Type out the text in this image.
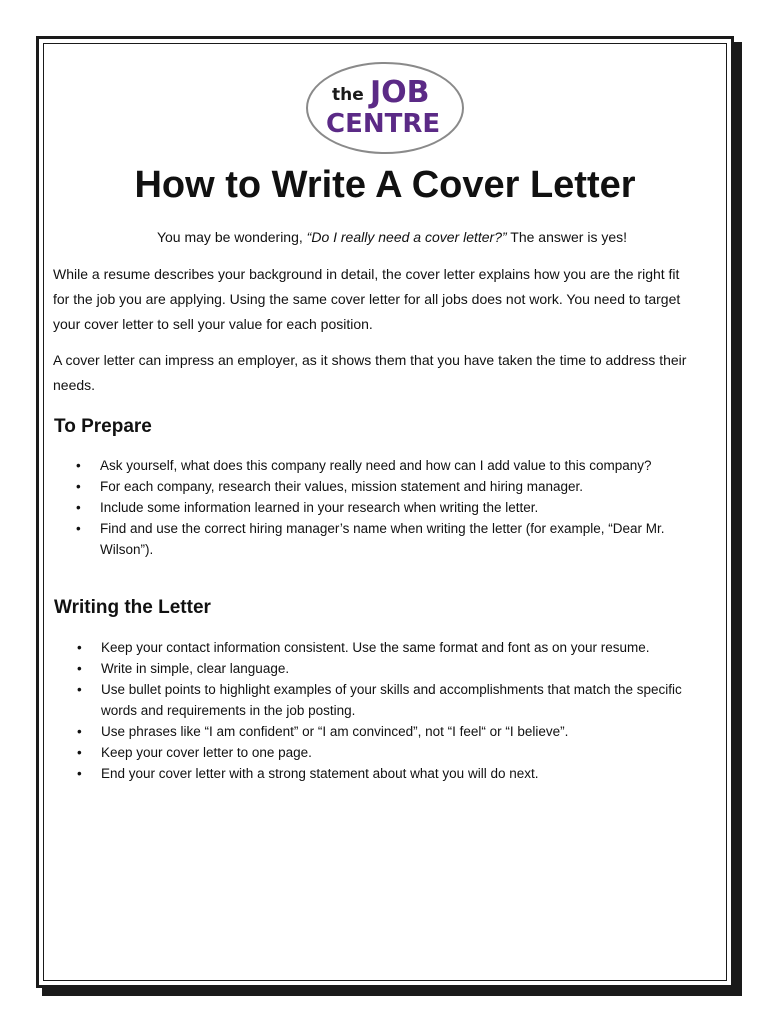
the JOB
CENTRE
How to Write A Cover Letter

You may be wondering, “Do I really need a cover letter?” The answer is yes!

While a resume describes your background in detail, the cover letter explains how you are the right fit for the job you are applying. Using the same cover letter for all jobs does not work. You need to target your cover letter to sell your value for each position.

A cover letter can impress an employer, as it shows them that you have taken the time to address their needs.

To Prepare
• Ask yourself, what does this company really need and how can I add value to this company?
• For each company, research their values, mission statement and hiring manager.
• Include some information learned in your research when writing the letter.
• Find and use the correct hiring manager’s name when writing the letter (for example, “Dear Mr. Wilson”).
Writing the Letter
• Keep your contact information consistent. Use the same format and font as on your resume.
• Write in simple, clear language.
• Use bullet points to highlight examples of your skills and accomplishments that match the specific words and requirements in the job posting.
• Use phrases like “I am confident” or “I am convinced”, not “I feel“ or “I believe”.
• Keep your cover letter to one page.
• End your cover letter with a strong statement about what you will do next.
